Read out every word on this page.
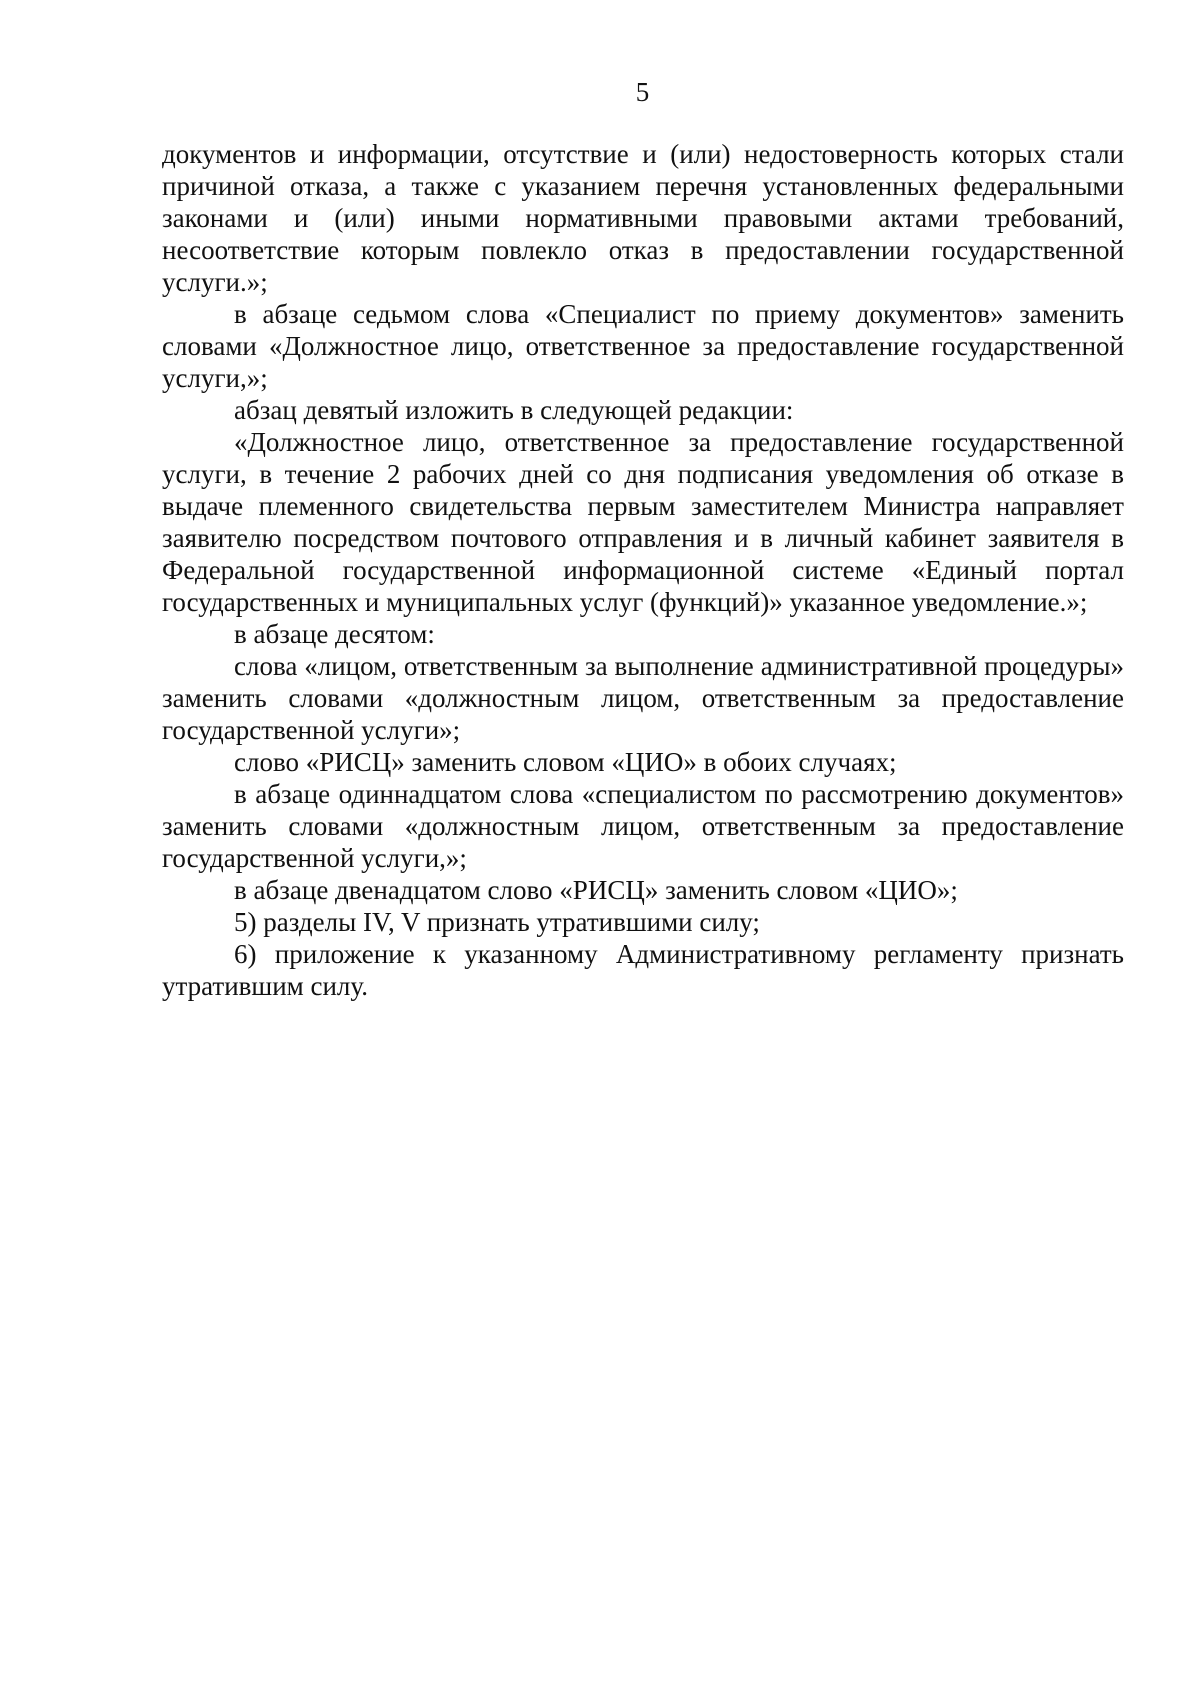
5

документов и информации, отсутствие и (или) недостоверность которых стали причиной отказа, а также с указанием перечня установленных федеральными законами и (или) иными нормативными правовыми актами требований, несоответствие которым повлекло отказ в предоставлении государственной услуги.»;

в абзаце седьмом слова «Специалист по приему документов» заменить словами «Должностное лицо, ответственное за предоставление государственной услуги,»;

абзац девятый изложить в следующей редакции:

«Должностное лицо, ответственное за предоставление государственной услуги, в течение 2 рабочих дней со дня подписания уведомления об отказе в выдаче племенного свидетельства первым заместителем Министра направляет заявителю посредством почтового отправления и в личный кабинет заявителя в Федеральной государственной информационной системе «Единый портал государственных и муниципальных услуг (функций)» указанное уведомление.»;

в абзаце десятом:

слова «лицом, ответственным за выполнение административной процедуры» заменить словами «должностным лицом, ответственным за предоставление государственной услуги»;

слово «РИСЦ» заменить словом «ЦИО» в обоих случаях;

в абзаце одиннадцатом слова «специалистом по рассмотрению документов» заменить словами «должностным лицом, ответственным за предоставление государственной услуги,»;

в абзаце двенадцатом слово «РИСЦ» заменить словом «ЦИО»;

5) разделы IV, V признать утратившими силу;

6) приложение к указанному Административному регламенту признать утратившим силу.
